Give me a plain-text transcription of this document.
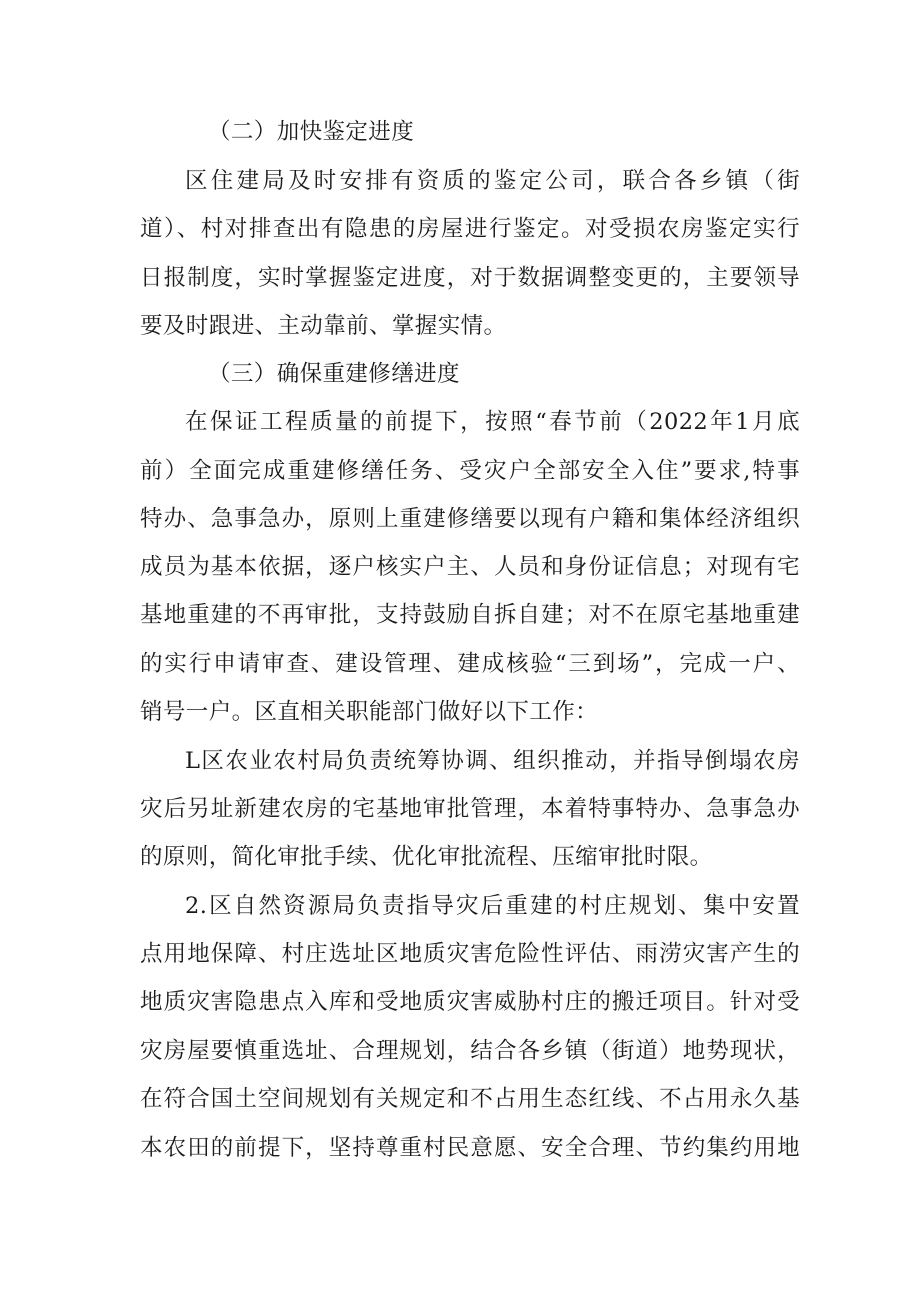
（二）加快鉴定进度
区住建局及时安排有资质的鉴定公司，联合各乡镇（街
道）、村对排查出有隐患的房屋进行鉴定。对受损农房鉴定实行
日报制度，实时掌握鉴定进度，对于数据调整变更的，主要领导
要及时跟进、主动靠前、掌握实情。
（三）确保重建修缮进度
在保证工程质量的前提下，按照“春节前（2022年1月底
前）全面完成重建修缮任务、受灾户全部安全入住”要求,特事
特办、急事急办，原则上重建修缮要以现有户籍和集体经济组织
成员为基本依据，逐户核实户主、人员和身份证信息；对现有宅
基地重建的不再审批，支持鼓励自拆自建；对不在原宅基地重建
的实行申请审查、建设管理、建成核验“三到场”，完成一户、
销号一户。区直相关职能部门做好以下工作：
L区农业农村局负责统筹协调、组织推动，并指导倒塌农房
灾后另址新建农房的宅基地审批管理，本着特事特办、急事急办
的原则，简化审批手续、优化审批流程、压缩审批时限。
2.区自然资源局负责指导灾后重建的村庄规划、集中安置
点用地保障、村庄选址区地质灾害危险性评估、雨涝灾害产生的
地质灾害隐患点入库和受地质灾害威胁村庄的搬迁项目。针对受
灾房屋要慎重选址、合理规划，结合各乡镇（街道）地势现状，
在符合国土空间规划有关规定和不占用生态红线、不占用永久基
本农田的前提下，坚持尊重村民意愿、安全合理、节约集约用地
